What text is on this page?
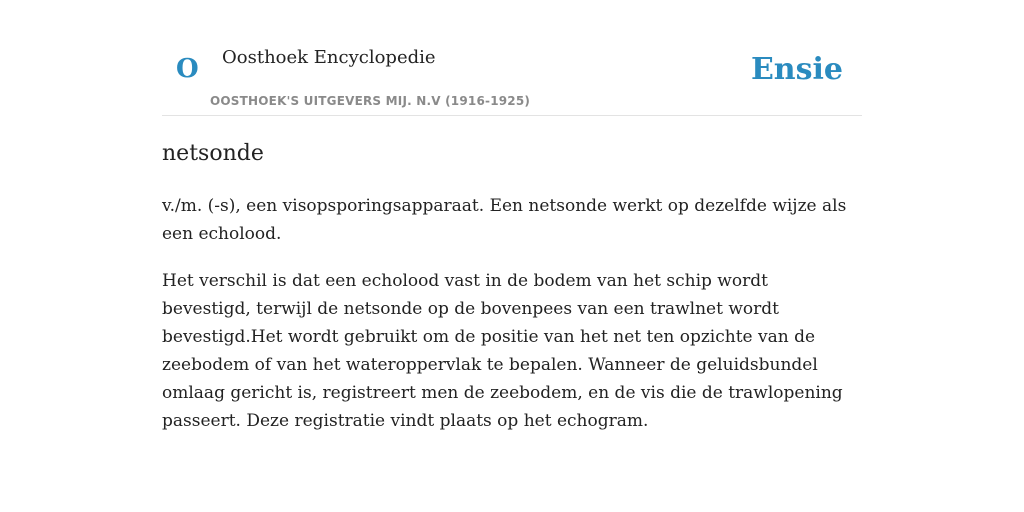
O Oosthoek Encyclopedie
OOSTHOEK'S UITGEVERS MIJ. N.V (1916-1925)
Ensie
netsonde

v./m. (-s), een visopsporingsapparaat. Een netsonde werkt op dezelfde wijze als een echolood.

Het verschil is dat een echolood vast in de bodem van het schip wordt bevestigd, terwijl de netsonde op de bovenpees van een trawlnet wordt bevestigd.Het wordt gebruikt om de positie van het net ten opzichte van de zeebodem of van het wateroppervlak te bepalen. Wanneer de geluidsbundel omlaag gericht is, registreert men de zeebodem, en de vis die de trawlopening passeert. Deze registratie vindt plaats op het echogram.
